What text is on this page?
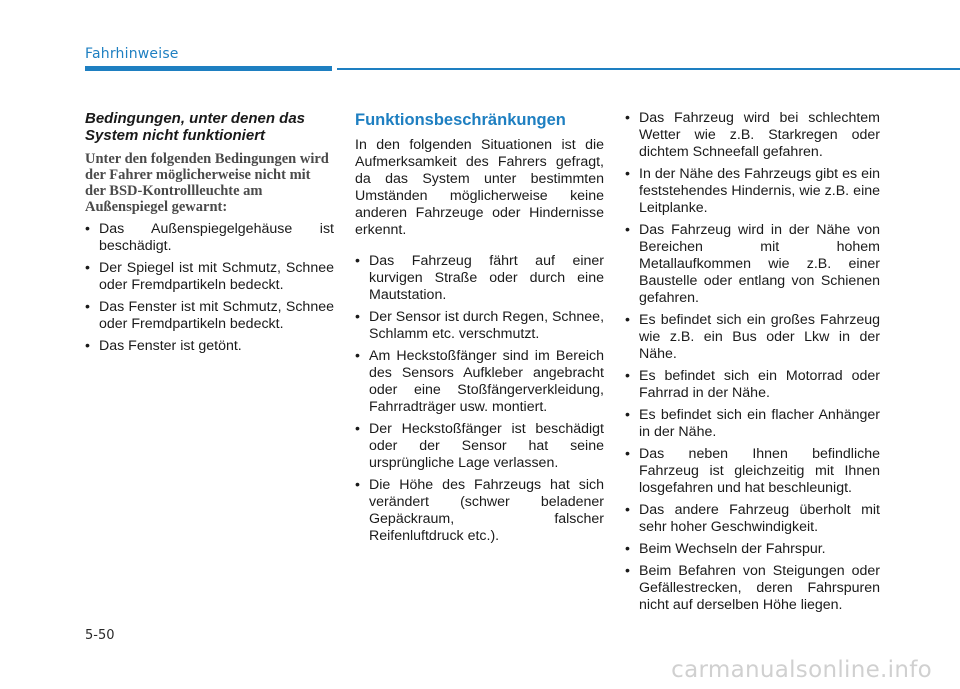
Fahrhinweise
Bedingungen, unter denen das System nicht funktioniert
Unter den folgenden Bedingungen wird der Fahrer möglicherweise nicht mit der BSD-Kontrollleuchte am Außenspiegel gewarnt:
• Das Außenspiegelgehäuse ist beschädigt.
• Der Spiegel ist mit Schmutz, Schnee oder Fremdpartikeln bedeckt.
• Das Fenster ist mit Schmutz, Schnee oder Fremdpartikeln bedeckt.
• Das Fenster ist getönt.
Funktionsbeschränkungen
In den folgenden Situationen ist die Aufmerksamkeit des Fahrers gefragt, da das System unter bestimmten Umständen möglicherweise keine anderen Fahrzeuge oder Hindernisse erkennt.
• Das Fahrzeug fährt auf einer kurvigen Straße oder durch eine Mautstation.
• Der Sensor ist durch Regen, Schnee, Schlamm etc. verschmutzt.
• Am Heckstoßfänger sind im Bereich des Sensors Aufkleber angebracht oder eine Stoßfängerverkleidung, Fahrradträger usw. montiert.
• Der Heckstoßfänger ist beschädigt oder der Sensor hat seine ursprüngliche Lage verlassen.
• Die Höhe des Fahrzeugs hat sich verändert (schwer beladener Gepäckraum, falscher Reifenluftdruck etc.).
• Das Fahrzeug wird bei schlechtem Wetter wie z.B. Starkregen oder dichtem Schneefall gefahren.
• In der Nähe des Fahrzeugs gibt es ein feststehendes Hindernis, wie z.B. eine Leitplanke.
• Das Fahrzeug wird in der Nähe von Bereichen mit hohem Metallaufkommen wie z.B. einer Baustelle oder entlang von Schienen gefahren.
• Es befindet sich ein großes Fahrzeug wie z.B. ein Bus oder Lkw in der Nähe.
• Es befindet sich ein Motorrad oder Fahrrad in der Nähe.
• Es befindet sich ein flacher Anhänger in der Nähe.
• Das neben Ihnen befindliche Fahrzeug ist gleichzeitig mit Ihnen losgefahren und hat beschleunigt.
• Das andere Fahrzeug überholt mit sehr hoher Geschwindigkeit.
• Beim Wechseln der Fahrspur.
• Beim Befahren von Steigungen oder Gefällestrecken, deren Fahrspuren nicht auf derselben Höhe liegen.
5-50
carmanualsonline.info
